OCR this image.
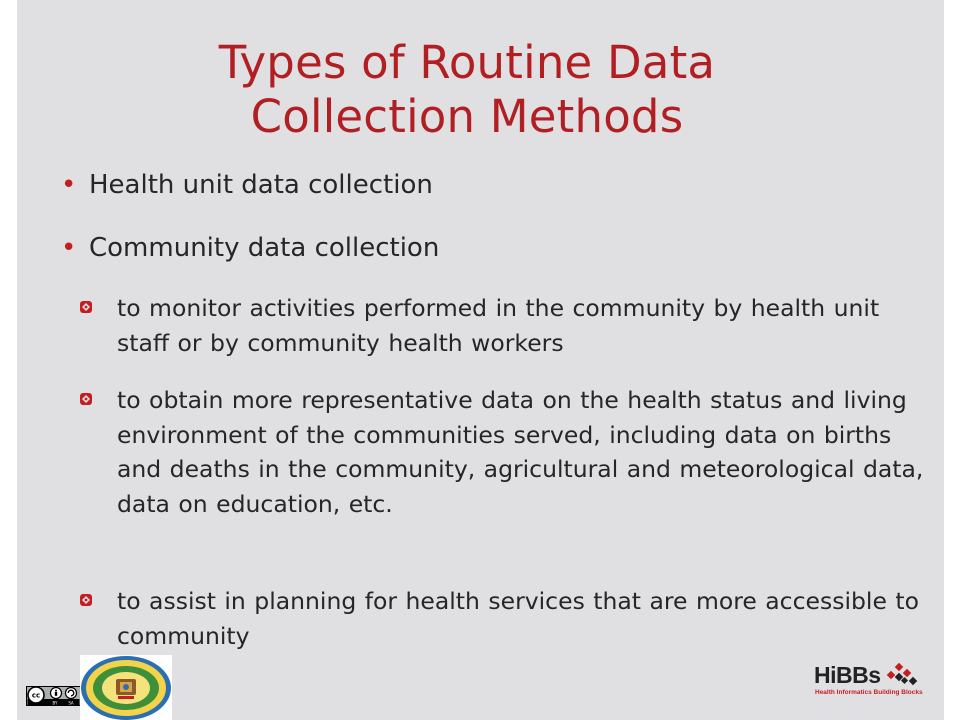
Types of Routine Data
Collection Methods
• Health unit data collection
• Community data collection
to monitor activities performed in the community by health unit staff or by community health workers
to obtain more representative data on the health status and living environment of the communities served, including data on births and deaths in the community, agricultural and meteorological data, data on education, etc.
to assist in planning for health services that are more accessible to community
cc
BY	SA
HiBBs
Health Informatics Building Blocks
